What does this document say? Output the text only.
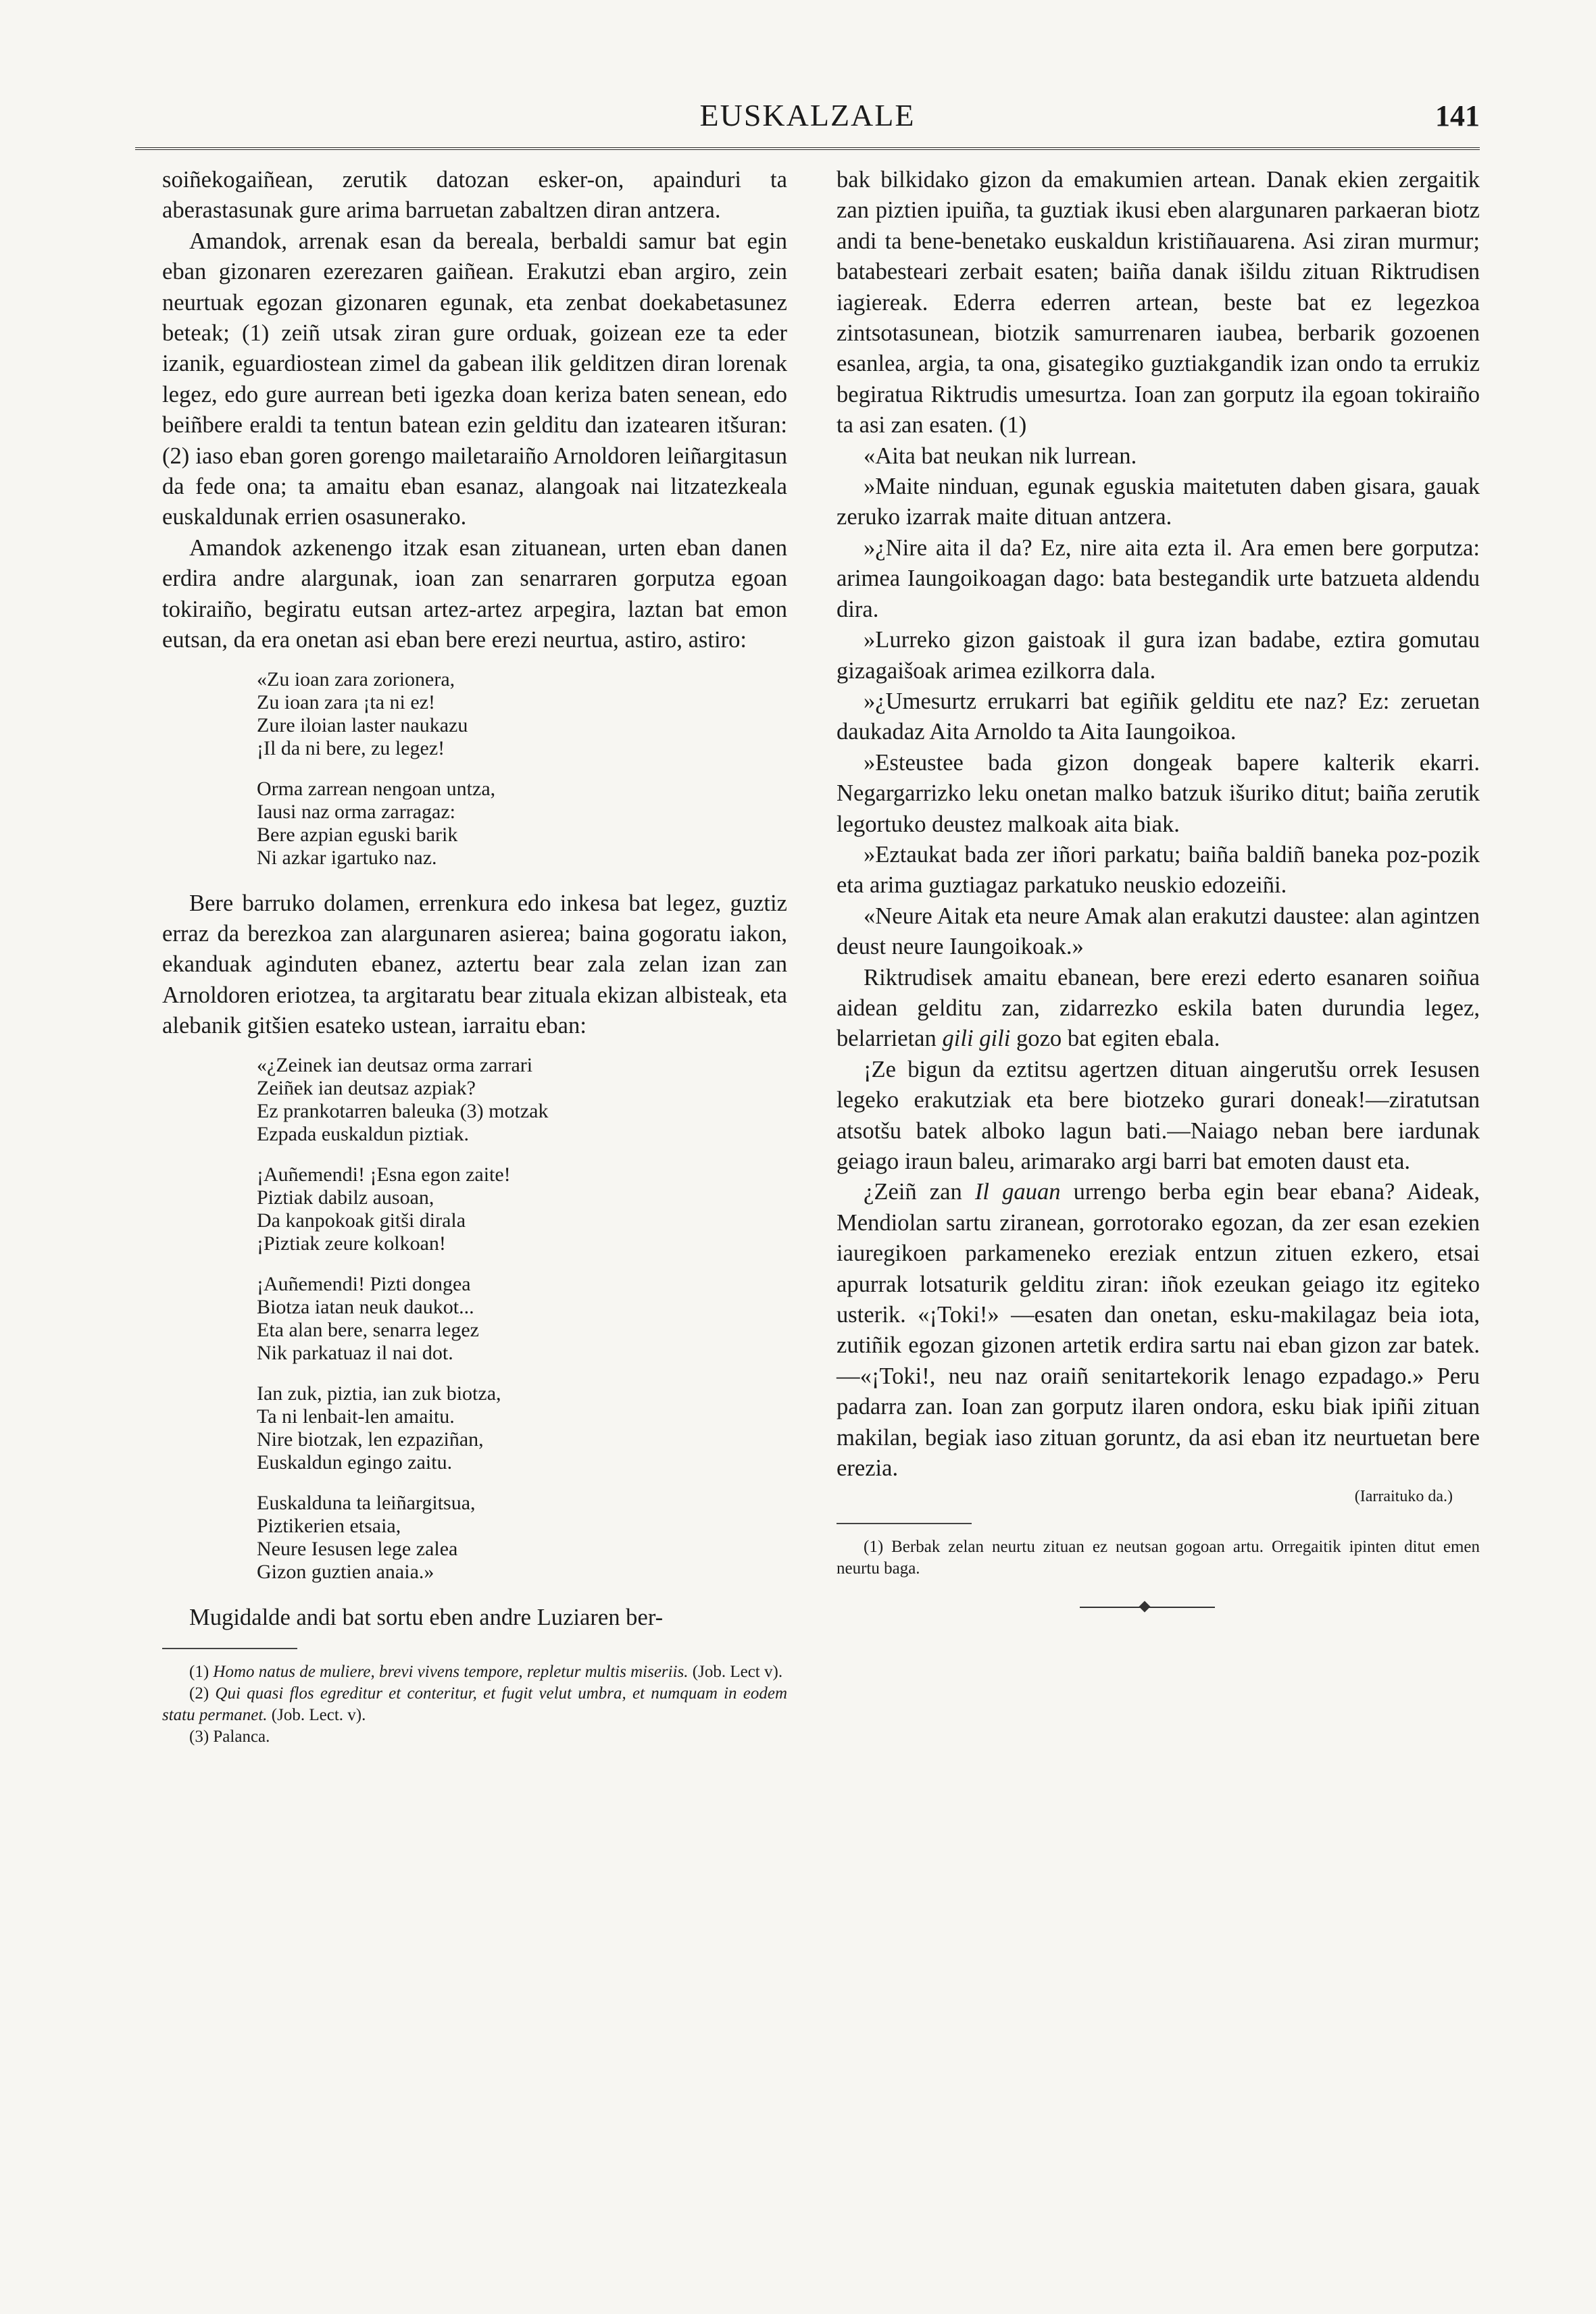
EUSKALZALE	141

soiñekogaiñean, zerutik datozan esker-on, apainduri ta aberastasunak gure arima barruetan zabaltzen diran antzera.

Amandok, arrenak esan da bereala, berbaldi samur bat egin eban gizonaren ezerezaren gaiñean. Erakutzi eban argiro, zein neurtuak egozan gizonaren egunak, eta zenbat doekabetasunez beteak; (1) zeiñ utsak ziran gure orduak, goizean eze ta eder izanik, eguardiostean zimel da gabean ilik gelditzen diran lorenak legez, edo gure aurrean beti igezka doan keriza baten senean, edo beiñbere eraldi ta tentun batean ezin gelditu dan izatearen itšuran: (2) iaso eban goren gorengo mailetaraiño Arnoldoren leiñargitasun da fede ona; ta amaitu eban esanaz, alangoak nai litzatezkeala euskaldunak errien osasunerako.

Amandok azkenengo itzak esan zituanean, urten eban danen erdira andre alargunak, ioan zan senarraren gorputza egoan tokiraiño, begiratu eutsan artez-artez arpegira, laztan bat emon eutsan, da era onetan asi eban bere erezi neurtua, astiro, astiro:

«Zu ioan zara zorionera,
Zu ioan zara ¡ta ni ez!
Zure iloian laster naukazu
¡Il da ni bere, zu legez!
Orma zarrean nengoan untza,
Iausi naz orma zarragaz:
Bere azpian eguski barik
Ni azkar igartuko naz.

Bere barruko dolamen, errenkura edo inkesa bat legez, guztiz erraz da berezkoa zan alargunaren asierea; baina gogoratu iakon, ekanduak aginduten ebanez, aztertu bear zala zelan izan zan Arnoldoren eriotzea, ta argitaratu bear zituala ekizan albisteak, eta alebanik gitšien esateko ustean, iarraitu eban:

«¿Zeinek ian deutsaz orma zarrari
Zeiñek ian deutsaz azpiak?
Ez prankotarren baleuka (3) motzak
Ezpada euskaldun piztiak.
¡Auñemendi! ¡Esna egon zaite!
Piztiak dabilz ausoan,
Da kanpokoak gitši dirala
¡Piztiak zeure kolkoan!
¡Auñemendi! Pizti dongea
Biotza iatan neuk daukot...
Eta alan bere, senarra legez
Nik parkatuaz il nai dot.
Ian zuk, piztia, ian zuk biotza,
Ta ni lenbait-len amaitu.
Nire biotzak, len ezpaziñan,
Euskaldun egingo zaitu.
Euskalduna ta leiñargitsua,
Piztikerien etsaia,
Neure Iesusen lege zalea
Gizon guztien anaia.»

Mugidalde andi bat sortu eben andre Luziaren ber-

(1) Homo natus de muliere, brevi vivens tempore, repletur multis miseriis. (Job. Lect v).

(2) Qui quasi flos egreditur et conteritur, et fugit velut umbra, et numquam in eodem statu permanet. (Job. Lect. v).

(3) Palanca.

bak bilkidako gizon da emakumien artean. Danak ekien zergaitik zan piztien ipuiña, ta guztiak ikusi eben alargunaren parkaeran biotz andi ta bene-benetako euskaldun kristiñauarena. Asi ziran murmur; batabesteari zerbait esaten; baiña danak išildu zituan Riktrudisen iagiereak. Ederra ederren artean, beste bat ez legezkoa zintsotasunean, biotzik samurrenaren iaubea, berbarik gozoenen esanlea, argia, ta ona, gisategiko guztiakgandik izan ondo ta errukiz begiratua Riktrudis umesurtza. Ioan zan gorputz ila egoan tokiraiño ta asi zan esaten. (1)

«Aita bat neukan nik lurrean.

»Maite ninduan, egunak eguskia maitetuten daben gisara, gauak zeruko izarrak maite dituan antzera.

»¿Nire aita il da? Ez, nire aita ezta il. Ara emen bere gorputza: arimea Iaungoikoagan dago: bata bestegandik urte batzueta aldendu dira.

»Lurreko gizon gaistoak il gura izan badabe, eztira gomutau gizagaišoak arimea ezilkorra dala.

»¿Umesurtz errukarri bat egiñik gelditu ete naz? Ez: zeruetan daukadaz Aita Arnoldo ta Aita Iaungoikoa.

»Esteustee bada gizon dongeak bapere kalterik ekarri. Negargarrizko leku onetan malko batzuk išuriko ditut; baiña zerutik legortuko deustez malkoak aita biak.

»Eztaukat bada zer iñori parkatu; baiña baldiñ baneka poz-pozik eta arima guztiagaz parkatuko neuskio edozeiñi.

«Neure Aitak eta neure Amak alan erakutzi daustee: alan agintzen deust neure Iaungoikoak.»

Riktrudisek amaitu ebanean, bere erezi ederto esanaren soiñua aidean gelditu zan, zidarrezko eskila baten durundia legez, belarrietan gili gili gozo bat egiten ebala.

¡Ze bigun da eztitsu agertzen dituan aingerutšu orrek Iesusen legeko erakutziak eta bere biotzeko gurari doneak!—ziratutsan atsotšu batek alboko lagun bati.—Naiago neban bere iardunak geiago iraun baleu, arimarako argi barri bat emoten daust eta.

¿Zeiñ zan Il gauan urrengo berba egin bear ebana? Aideak, Mendiolan sartu ziranean, gorrotorako egozan, da zer esan ezekien iauregikoen parkameneko ereziak entzun zituen ezkero, etsai apurrak lotsaturik gelditu ziran: iñok ezeukan geiago itz egiteko usterik. «¡Toki!» —esaten dan onetan, esku-makilagaz beia iota, zutiñik egozan gizonen artetik erdira sartu nai eban gizon zar batek.—«¡Toki!, neu naz oraiñ senitartekorik lenago ezpadago.» Peru padarra zan. Ioan zan gorputz ilaren ondora, esku biak ipiñi zituan makilan, begiak iaso zituan goruntz, da asi eban itz neurtuetan bere erezia.

(Iarraituko da.)

(1) Berbak zelan neurtu zituan ez neutsan gogoan artu. Orregaitik ipinten ditut emen neurtu baga.
